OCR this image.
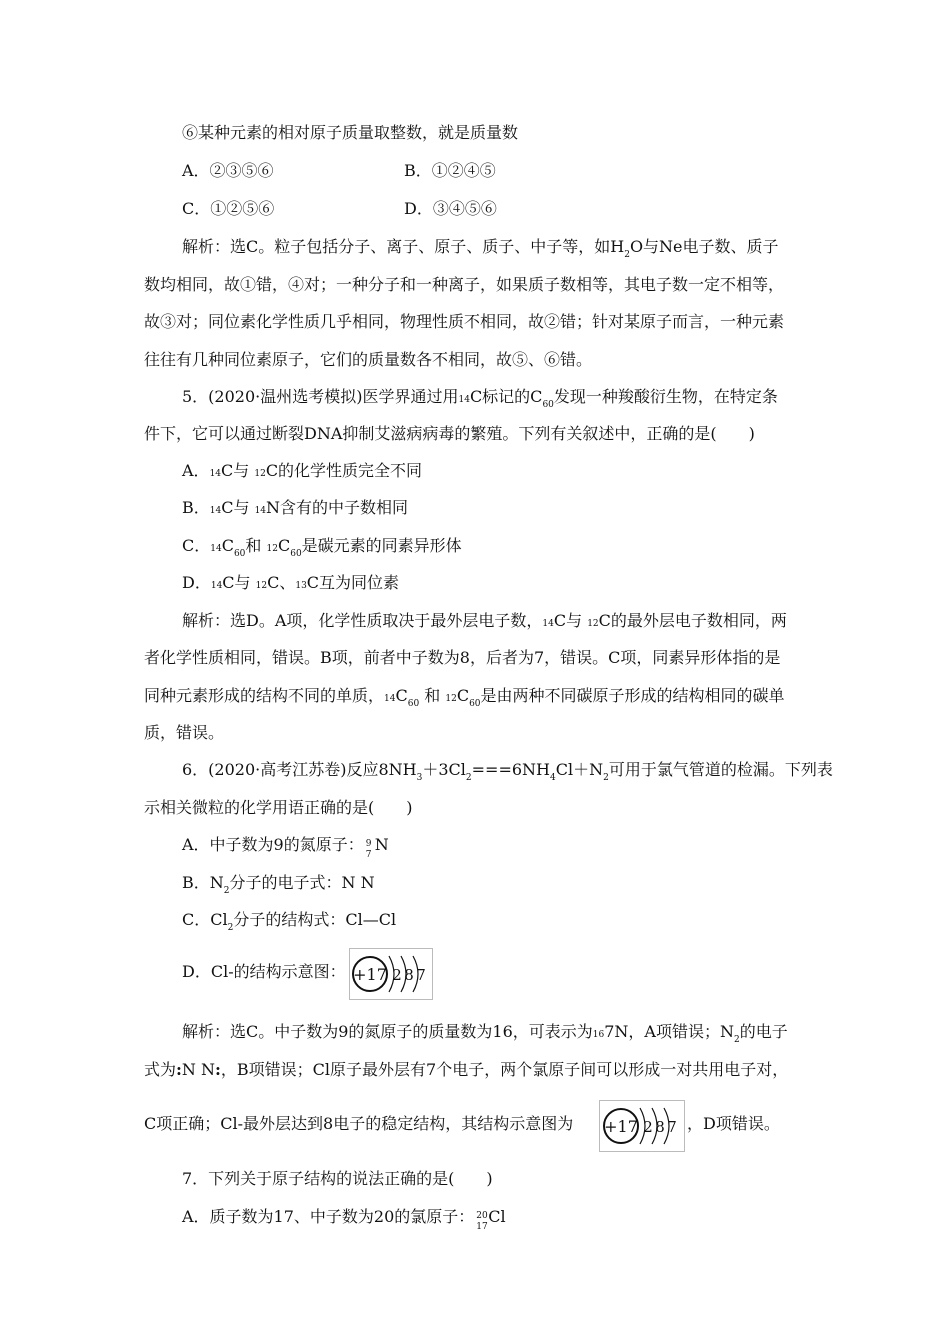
⑥某种元素的相对原子质量取整数，就是质量数
A．②③⑤⑥	B．①②④⑤
C．①②⑤⑥	D．③④⑤⑥
解析：选C。粒子包括分子、离子、原子、质子、中子等，如$H_2O$与Ne电子数、质子
数均相同，故①错，④对；一种分子和一种离子，如果质子数相等，其电子数一定不相等，
故③对；同位素化学性质几乎相同，物理性质不相同，故②错；针对某原子而言，一种元素
往往有几种同位素原子，它们的质量数各不相同，故⑤、⑥错。
5．(2020·温州选考模拟)医学界通过用14C标记的$C_{60}$发现一种羧酸衍生物，在特定条
件下，它可以通过断裂DNA抑制艾滋病病毒的繁殖。下列有关叙述中，正确的是(　　)
A．14C与 12C的化学性质完全不同
B．14C与 14N含有的中子数相同
C．$14C_{60}$和 $12C_{60}$是碳元素的同素异形体
D．14C与 12C、13C互为同位素
解析：选D。A项，化学性质取决于最外层电子数，14C与 12C的最外层电子数相同，两
者化学性质相同，错误。B项，前者中子数为8，后者为7，错误。C项，同素异形体指的是
同种元素形成的结构不同的单质，$14C_{60}$ 和 $12C_{60}$是由两种不同碳原子形成的结构相同的碳单
质，错误。
6．(2020·高考江苏卷)反应$8NH_3+3Cl_2===6NH_4Cl+N_2$可用于氯气管道的检漏。下列表
示相关微粒的化学用语正确的是(　　)
A．中子数为9的氮原子： 9
7
N
B．$N_2$分子的电子式：N N
C．$Cl_2$分子的结构式：Cl—Cl
D．Cl-的结构示意图： +17 2 8 7
解析：选C。中子数为9的氮原子的质量数为16，可表示为167N，A项错误；$N_2$的电子
式为:N N:，B项错误；Cl原子最外层有7个电子，两个氯原子间可以形成一对共用电子对，
C项正确；Cl-最外层达到8电子的稳定结构，其结构示意图为 +17 2 8 7 ，D项错误。
7．下列关于原子结构的说法正确的是(　　)
A．质子数为17、中子数为20的氯原子： 20
17
Cl
